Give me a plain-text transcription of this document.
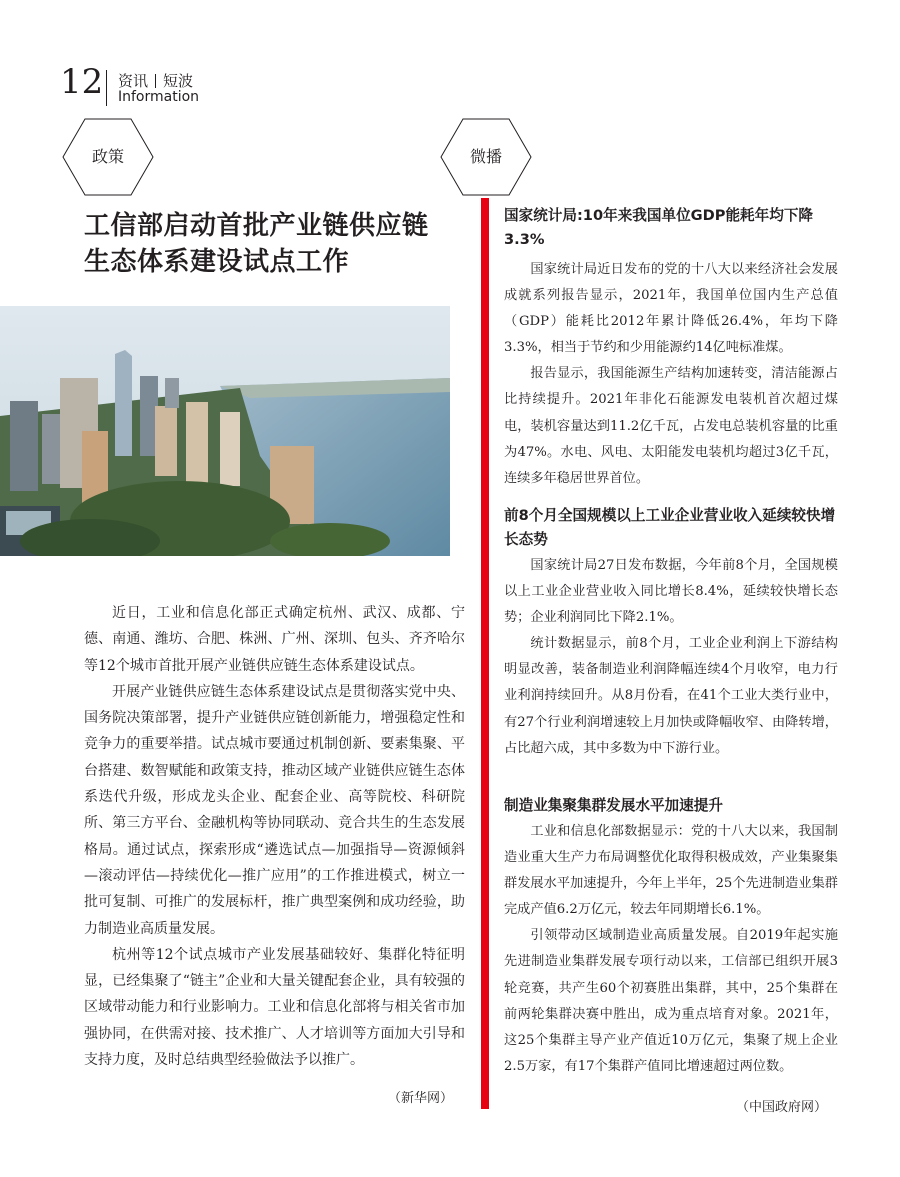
12 资讯 短波
Information
政策	微播
工信部启动首批产业链供应链生态体系建设试点工作

近日，工业和信息化部正式确定杭州、武汉、成都、宁德、南通、潍坊、合肥、株洲、广州、深圳、包头、齐齐哈尔等12个城市首批开展产业链供应链生态体系建设试点。

开展产业链供应链生态体系建设试点是贯彻落实党中央、国务院决策部署，提升产业链供应链创新能力，增强稳定性和竞争力的重要举措。试点城市要通过机制创新、要素集聚、平台搭建、数智赋能和政策支持，推动区域产业链供应链生态体系迭代升级，形成龙头企业、配套企业、高等院校、科研院所、第三方平台、金融机构等协同联动、竞合共生的生态发展格局。通过试点，探索形成“遴选试点—加强指导—资源倾斜—滚动评估—持续优化—推广应用”的工作推进模式，树立一批可复制、可推广的发展标杆，推广典型案例和成功经验，助力制造业高质量发展。

杭州等12个试点城市产业发展基础较好、集群化特征明显，已经集聚了“链主”企业和大量关键配套企业，具有较强的区域带动能力和行业影响力。工业和信息化部将与相关省市加强协同，在供需对接、技术推广、人才培训等方面加大引导和支持力度，及时总结典型经验做法予以推广。

（新华网）
国家统计局:10年来我国单位GDP能耗年均下降3.3%

国家统计局近日发布的党的十八大以来经济社会发展成就系列报告显示，2021年，我国单位国内生产总值（GDP）能耗比2012年累计降低26.4%，年均下降3.3%，相当于节约和少用能源约14亿吨标准煤。

报告显示，我国能源生产结构加速转变，清洁能源占比持续提升。2021年非化石能源发电装机首次超过煤电，装机容量达到11.2亿千瓦，占发电总装机容量的比重为47%。水电、风电、太阳能发电装机均超过3亿千瓦，连续多年稳居世界首位。

前8个月全国规模以上工业企业营业收入延续较快增长态势

国家统计局27日发布数据，今年前8个月，全国规模以上工业企业营业收入同比增长8.4%，延续较快增长态势；企业利润同比下降2.1%。

统计数据显示，前8个月，工业企业利润上下游结构明显改善，装备制造业利润降幅连续4个月收窄，电力行业利润持续回升。从8月份看，在41个工业大类行业中，有27个行业利润增速较上月加快或降幅收窄、由降转增，占比超六成，其中多数为中下游行业。

制造业集聚集群发展水平加速提升

工业和信息化部数据显示：党的十八大以来，我国制造业重大生产力布局调整优化取得积极成效，产业集聚集群发展水平加速提升，今年上半年，25个先进制造业集群完成产值6.2万亿元，较去年同期增长6.1%。

引领带动区域制造业高质量发展。自2019年起实施先进制造业集群发展专项行动以来，工信部已组织开展3轮竞赛，共产生60个初赛胜出集群，其中，25个集群在前两轮集群决赛中胜出，成为重点培育对象。2021年，这25个集群主导产业产值近10万亿元，集聚了规上企业2.5万家，有17个集群产值同比增速超过两位数。

（中国政府网）
